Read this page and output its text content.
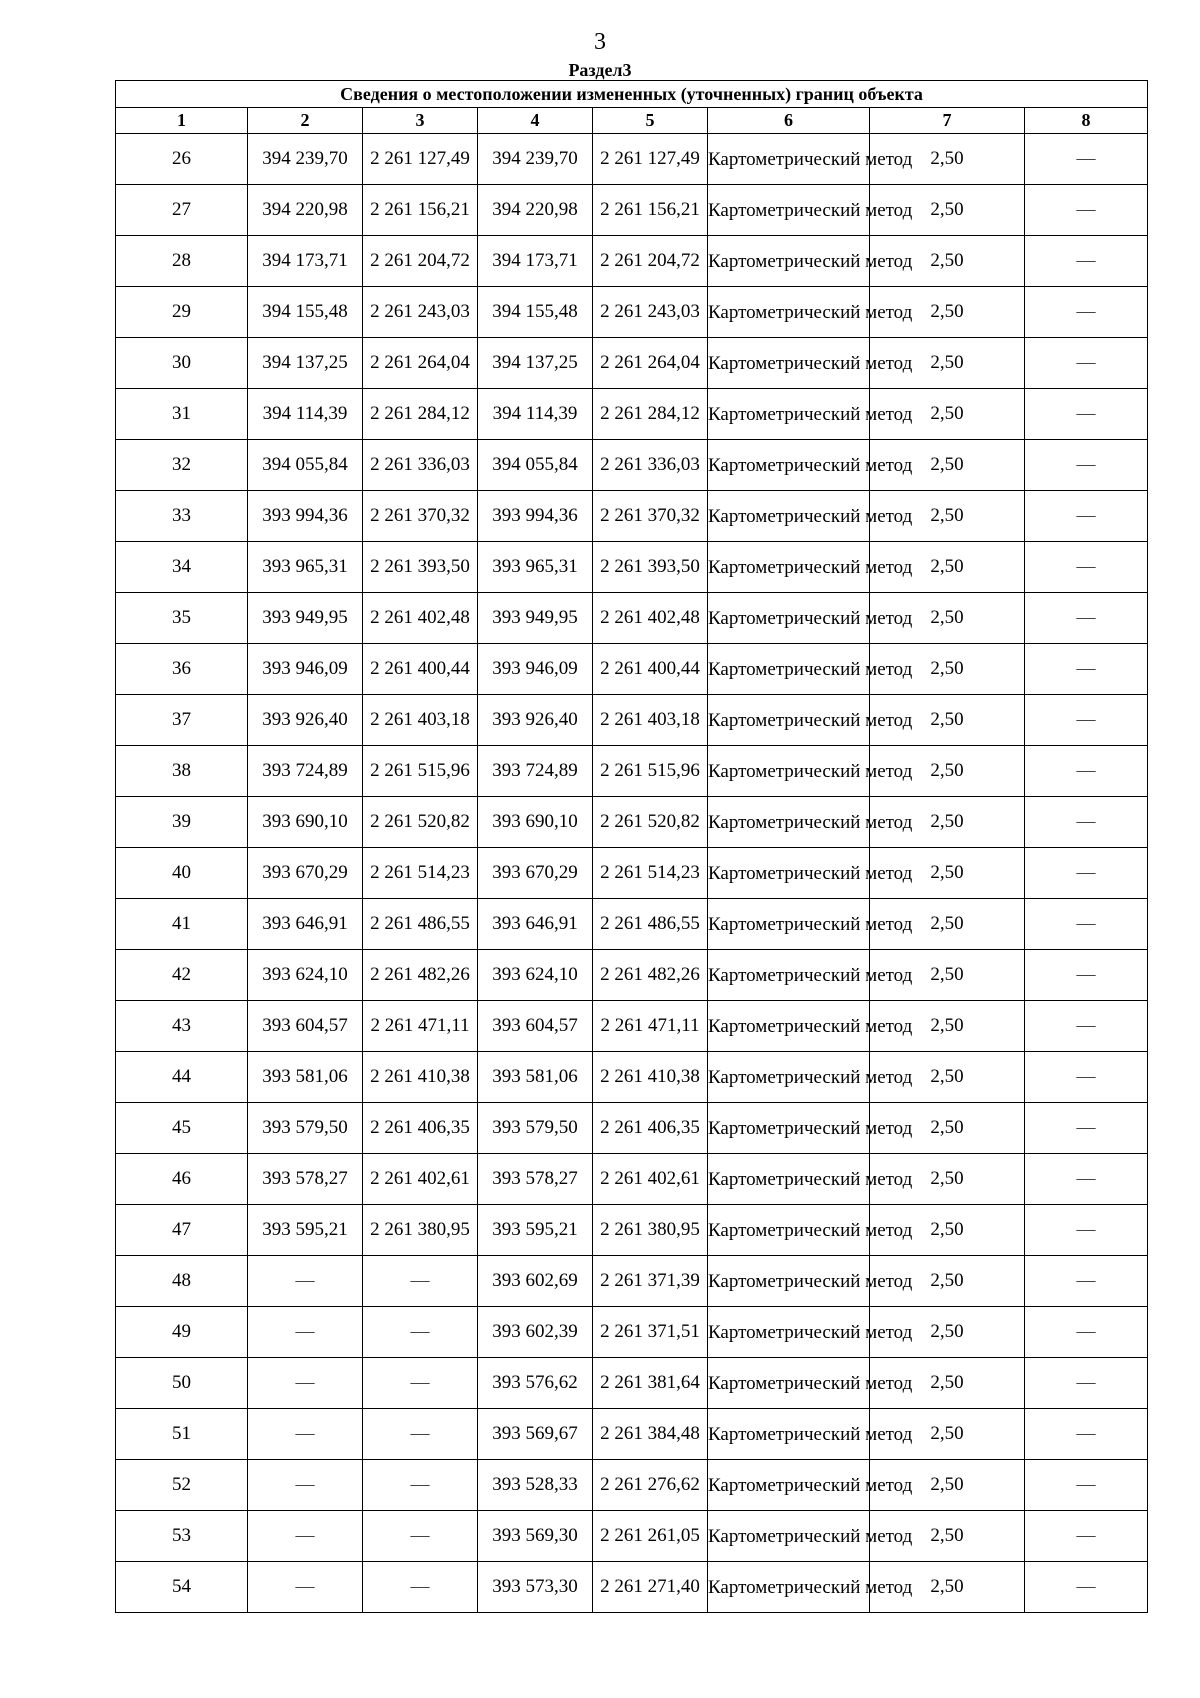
3
Раздел3
Сведения о местоположении измененных (уточненных) границ объекта							
1	2	3	4	5	6	7	8
26	394 239,70	2 261 127,49	394 239,70	2 261 127,49	Картометрический метод	2,50	—
27	394 220,98	2 261 156,21	394 220,98	2 261 156,21	Картометрический метод	2,50	—
28	394 173,71	2 261 204,72	394 173,71	2 261 204,72	Картометрический метод	2,50	—
29	394 155,48	2 261 243,03	394 155,48	2 261 243,03	Картометрический метод	2,50	—
30	394 137,25	2 261 264,04	394 137,25	2 261 264,04	Картометрический метод	2,50	—
31	394 114,39	2 261 284,12	394 114,39	2 261 284,12	Картометрический метод	2,50	—
32	394 055,84	2 261 336,03	394 055,84	2 261 336,03	Картометрический метод	2,50	—
33	393 994,36	2 261 370,32	393 994,36	2 261 370,32	Картометрический метод	2,50	—
34	393 965,31	2 261 393,50	393 965,31	2 261 393,50	Картометрический метод	2,50	—
35	393 949,95	2 261 402,48	393 949,95	2 261 402,48	Картометрический метод	2,50	—
36	393 946,09	2 261 400,44	393 946,09	2 261 400,44	Картометрический метод	2,50	—
37	393 926,40	2 261 403,18	393 926,40	2 261 403,18	Картометрический метод	2,50	—
38	393 724,89	2 261 515,96	393 724,89	2 261 515,96	Картометрический метод	2,50	—
39	393 690,10	2 261 520,82	393 690,10	2 261 520,82	Картометрический метод	2,50	—
40	393 670,29	2 261 514,23	393 670,29	2 261 514,23	Картометрический метод	2,50	—
41	393 646,91	2 261 486,55	393 646,91	2 261 486,55	Картометрический метод	2,50	—
42	393 624,10	2 261 482,26	393 624,10	2 261 482,26	Картометрический метод	2,50	—
43	393 604,57	2 261 471,11	393 604,57	2 261 471,11	Картометрический метод	2,50	—
44	393 581,06	2 261 410,38	393 581,06	2 261 410,38	Картометрический метод	2,50	—
45	393 579,50	2 261 406,35	393 579,50	2 261 406,35	Картометрический метод	2,50	—
46	393 578,27	2 261 402,61	393 578,27	2 261 402,61	Картометрический метод	2,50	—
47	393 595,21	2 261 380,95	393 595,21	2 261 380,95	Картометрический метод	2,50	—
48	—	—	393 602,69	2 261 371,39	Картометрический метод	2,50	—
49	—	—	393 602,39	2 261 371,51	Картометрический метод	2,50	—
50	—	—	393 576,62	2 261 381,64	Картометрический метод	2,50	—
51	—	—	393 569,67	2 261 384,48	Картометрический метод	2,50	—
52	—	—	393 528,33	2 261 276,62	Картометрический метод	2,50	—
53	—	—	393 569,30	2 261 261,05	Картометрический метод	2,50	—
54	—	—	393 573,30	2 261 271,40	Картометрический метод	2,50	—
